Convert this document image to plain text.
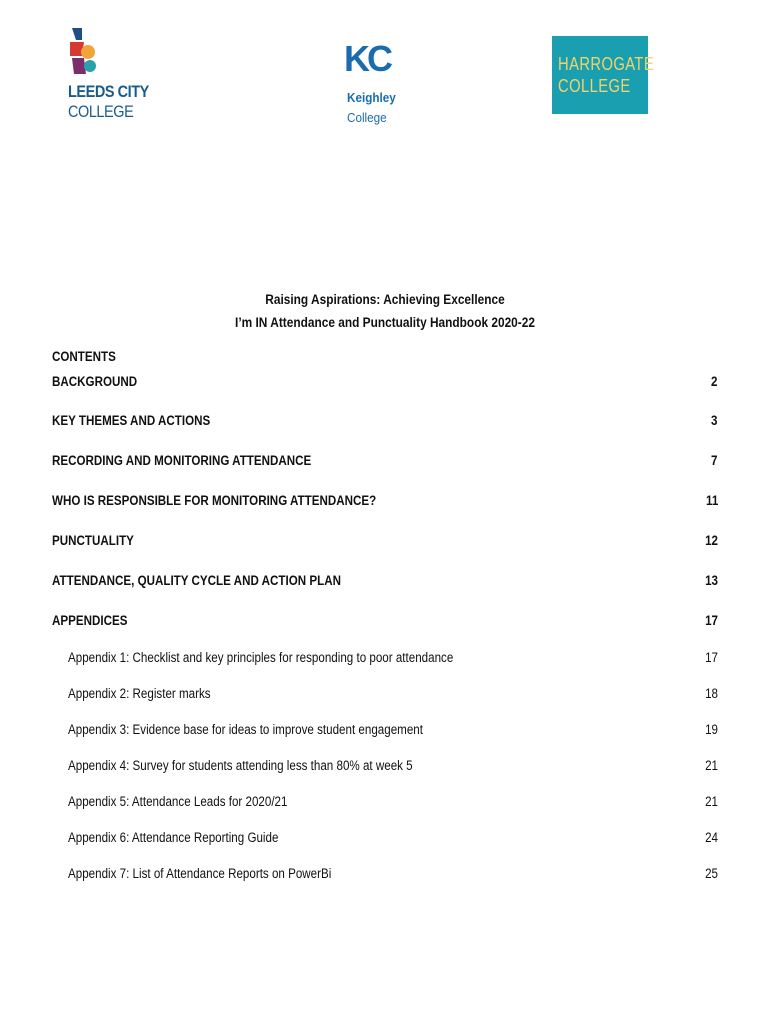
LEEDS CITY
COLLEGE
KC
Keighley
College
HARROGATE
COLLEGE
Raising Aspirations: Achieving Excellence
I’m IN Attendance and Punctuality Handbook 2020-22
CONTENTS
BACKGROUND	2
KEY THEMES AND ACTIONS	3
RECORDING AND MONITORING ATTENDANCE	7
WHO IS RESPONSIBLE FOR MONITORING ATTENDANCE?	11
PUNCTUALITY	12
ATTENDANCE, QUALITY CYCLE AND ACTION PLAN	13
APPENDICES	17
Appendix 1: Checklist and key principles for responding to poor attendance	17
Appendix 2: Register marks	18
Appendix 3: Evidence base for ideas to improve student engagement	19
Appendix 4: Survey for students attending less than 80% at week 5	21
Appendix 5: Attendance Leads for 2020/21	21
Appendix 6: Attendance Reporting Guide	24
Appendix 7: List of Attendance Reports on PowerBi	25
